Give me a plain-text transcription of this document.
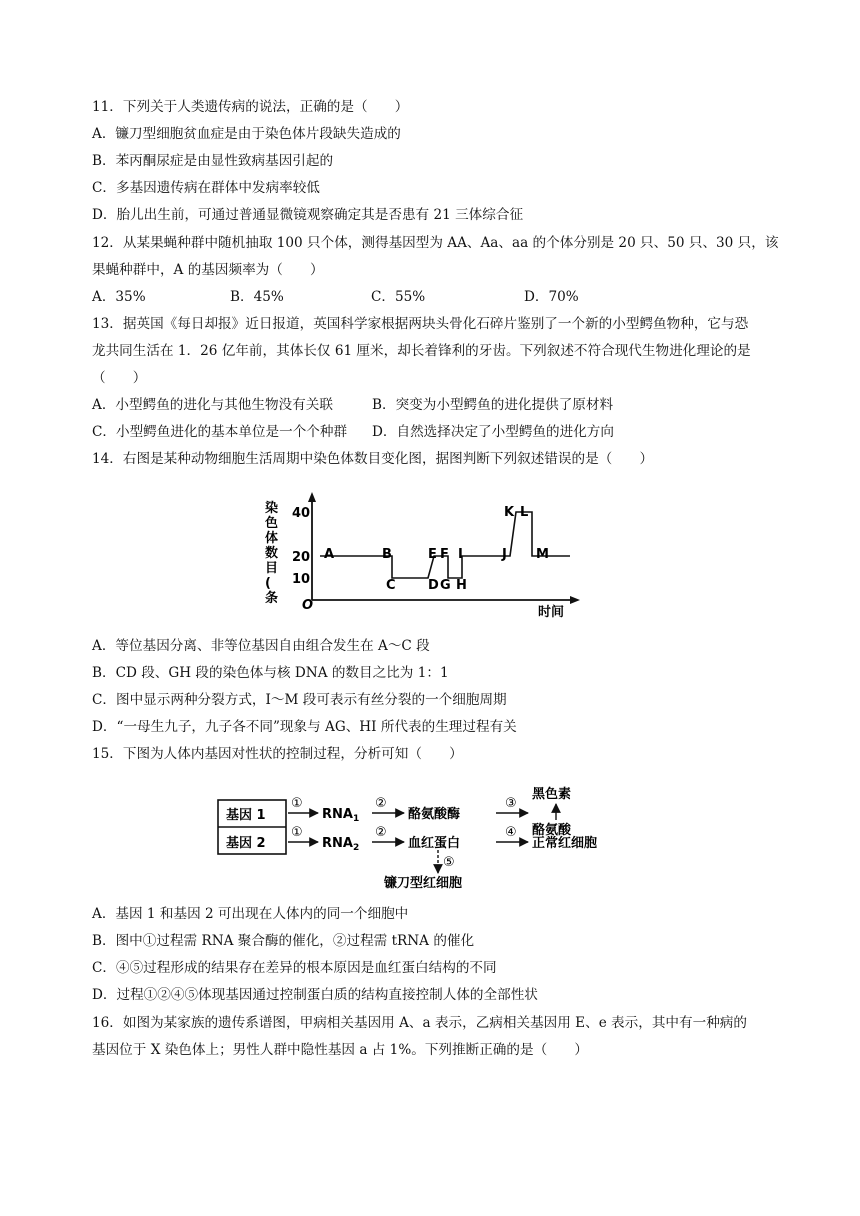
11．下列关于人类遗传病的说法，正确的是（　　）
A．镰刀型细胞贫血症是由于染色体片段缺失造成的
B．苯丙酮尿症是由显性致病基因引起的
C．多基因遗传病在群体中发病率较低
D．胎儿出生前，可通过普通显微镜观察确定其是否患有 21 三体综合征
12．从某果蝇种群中随机抽取 100 只个体，测得基因型为 AA、Aa、aa 的个体分别是 20 只、50 只、30 只，该
果蝇种群中，A 的基因频率为（　　）

A．35%

	B．45%

	C．55%

	D．70%

13．据英国《每日却报》近日报道，英国科学家根据两块头骨化石碎片鉴别了一个新的小型鳄鱼物种，它与恐
龙共同生活在 1．26 亿年前，其体长仅 61 厘米，却长着锋利的牙齿。下列叙述不符合现代生物进化理论的是
（　　）

A．小型鳄鱼的进化与其他生物没有关联

	B．突变为小型鳄鱼的进化提供了原材料

C．小型鳄鱼进化的基本单位是一个个种群

D．自然选择决定了小型鳄鱼的进化方向

14．右图是某种动物细胞生活周期中染色体数目变化图，据图判断下列叙述错误的是（　　）
染
色
体
数
目
(
条
40
20
10
A	B
C D
E F
G H
I	J
K L
M
O	时间
A．等位基因分离、非等位基因自由组合发生在 A～C 段
B．CD 段、GH 段的染色体与核 DNA 的数目之比为 1：1
C．图中显示两种分裂方式，I～M 段可表示有丝分裂的一个细胞周期
D．“一母生九子，九子各不同”现象与 AG、HI 所代表的生理过程有关
15．下图为人体内基因对性状的控制过程，分析可知（　　）
基因 1
基因 2
①
$RNA_1$
②
酪氨酸酶
③
黑色素
酪氨酸
①
$RNA_2$
②
血红蛋白
④
正常红细胞
⑤
镰刀型红细胞
A．基因 1 和基因 2 可出现在人体内的同一个细胞中
B．图中①过程需 RNA 聚合酶的催化，②过程需 tRNA 的催化
C．④⑤过程形成的结果存在差异的根本原因是血红蛋白结构的不同
D．过程①②④⑤体现基因通过控制蛋白质的结构直接控制人体的全部性状
16．如图为某家族的遗传系谱图，甲病相关基因用 A、a 表示，乙病相关基因用 E、e 表示，其中有一种病的
基因位于 X 染色体上；男性人群中隐性基因 a 占 1%。下列推断正确的是（　　）
